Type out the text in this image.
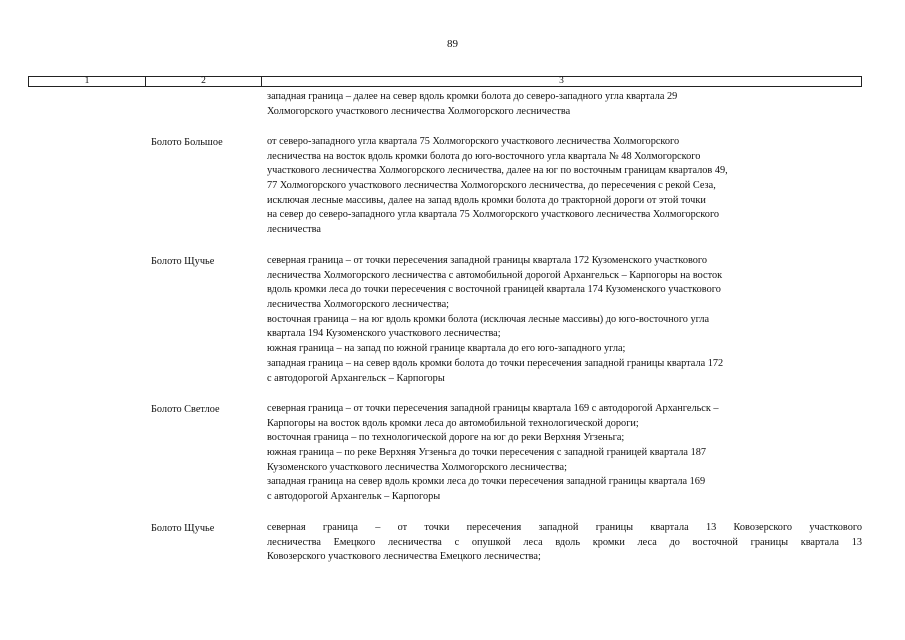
89
1	2	3
западная граница – далее на север вдоль кромки болота до северо-западного угла квартала 29
Холмогорского участкового лесничества Холмогорского лесничества
Болото Большое	от северо-западного угла квартала 75 Холмогорского участкового лесничества Холмогорского
лесничества на восток вдоль кромки болота до юго-восточного угла квартала № 48 Холмогорского
участкового лесничества Холмогорского лесничества, далее на юг по восточным границам кварталов 49,
77 Холмогорского участкового лесничества Холмогорского лесничества, до пересечения с рекой Сеза,
исключая лесные массивы, далее на запад вдоль кромки болота до тракторной дороги от этой точки
на север до северо-западного угла квартала 75 Холмогорского участкового лесничества Холмогорского
лесничества
Болото Щучье	северная граница – от точки пересечения западной границы квартала 172 Кузоменского участкового
лесничества Холмогорского лесничества с автомобильной дорогой Архангельск – Карпогоры на восток
вдоль кромки леса до точки пересечения с восточной границей квартала 174 Кузоменского участкового
лесничества Холмогорского лесничества;
восточная граница – на юг вдоль кромки болота (исключая лесные массивы) до юго-восточного угла
квартала 194 Кузоменского участкового лесничества;
южная граница – на запад по южной границе квартала до его юго-западного угла;
западная граница – на север вдоль кромки болота до точки пересечения западной границы квартала 172
с автодорогой Архангельск – Карпогоры
Болото Светлое	северная граница – от точки пересечения западной границы квартала 169 с автодорогой Архангельск –
Карпогоры на восток вдоль кромки леса до автомобильной технологической дороги;
восточная граница – по технологической дороге на юг до реки Верхняя Угзеньга;
южная граница – по реке Верхняя Угзеньга до точки пересечения с западной границей квартала 187
Кузоменского участкового лесничества Холмогорского лесничества;
западная граница на север вдоль кромки леса до точки пересечения западной границы квартала 169
с автодорогой Архангельк – Карпогоры
Болото Щучье	северная граница – от точки пересечения западной границы квартала 13 Ковозерского участкового
лесничества Емецкого лесничества с опушкой леса вдоль кромки леса до восточной границы квартала 13
Ковозерского участкового лесничества Емецкого лесничества;
